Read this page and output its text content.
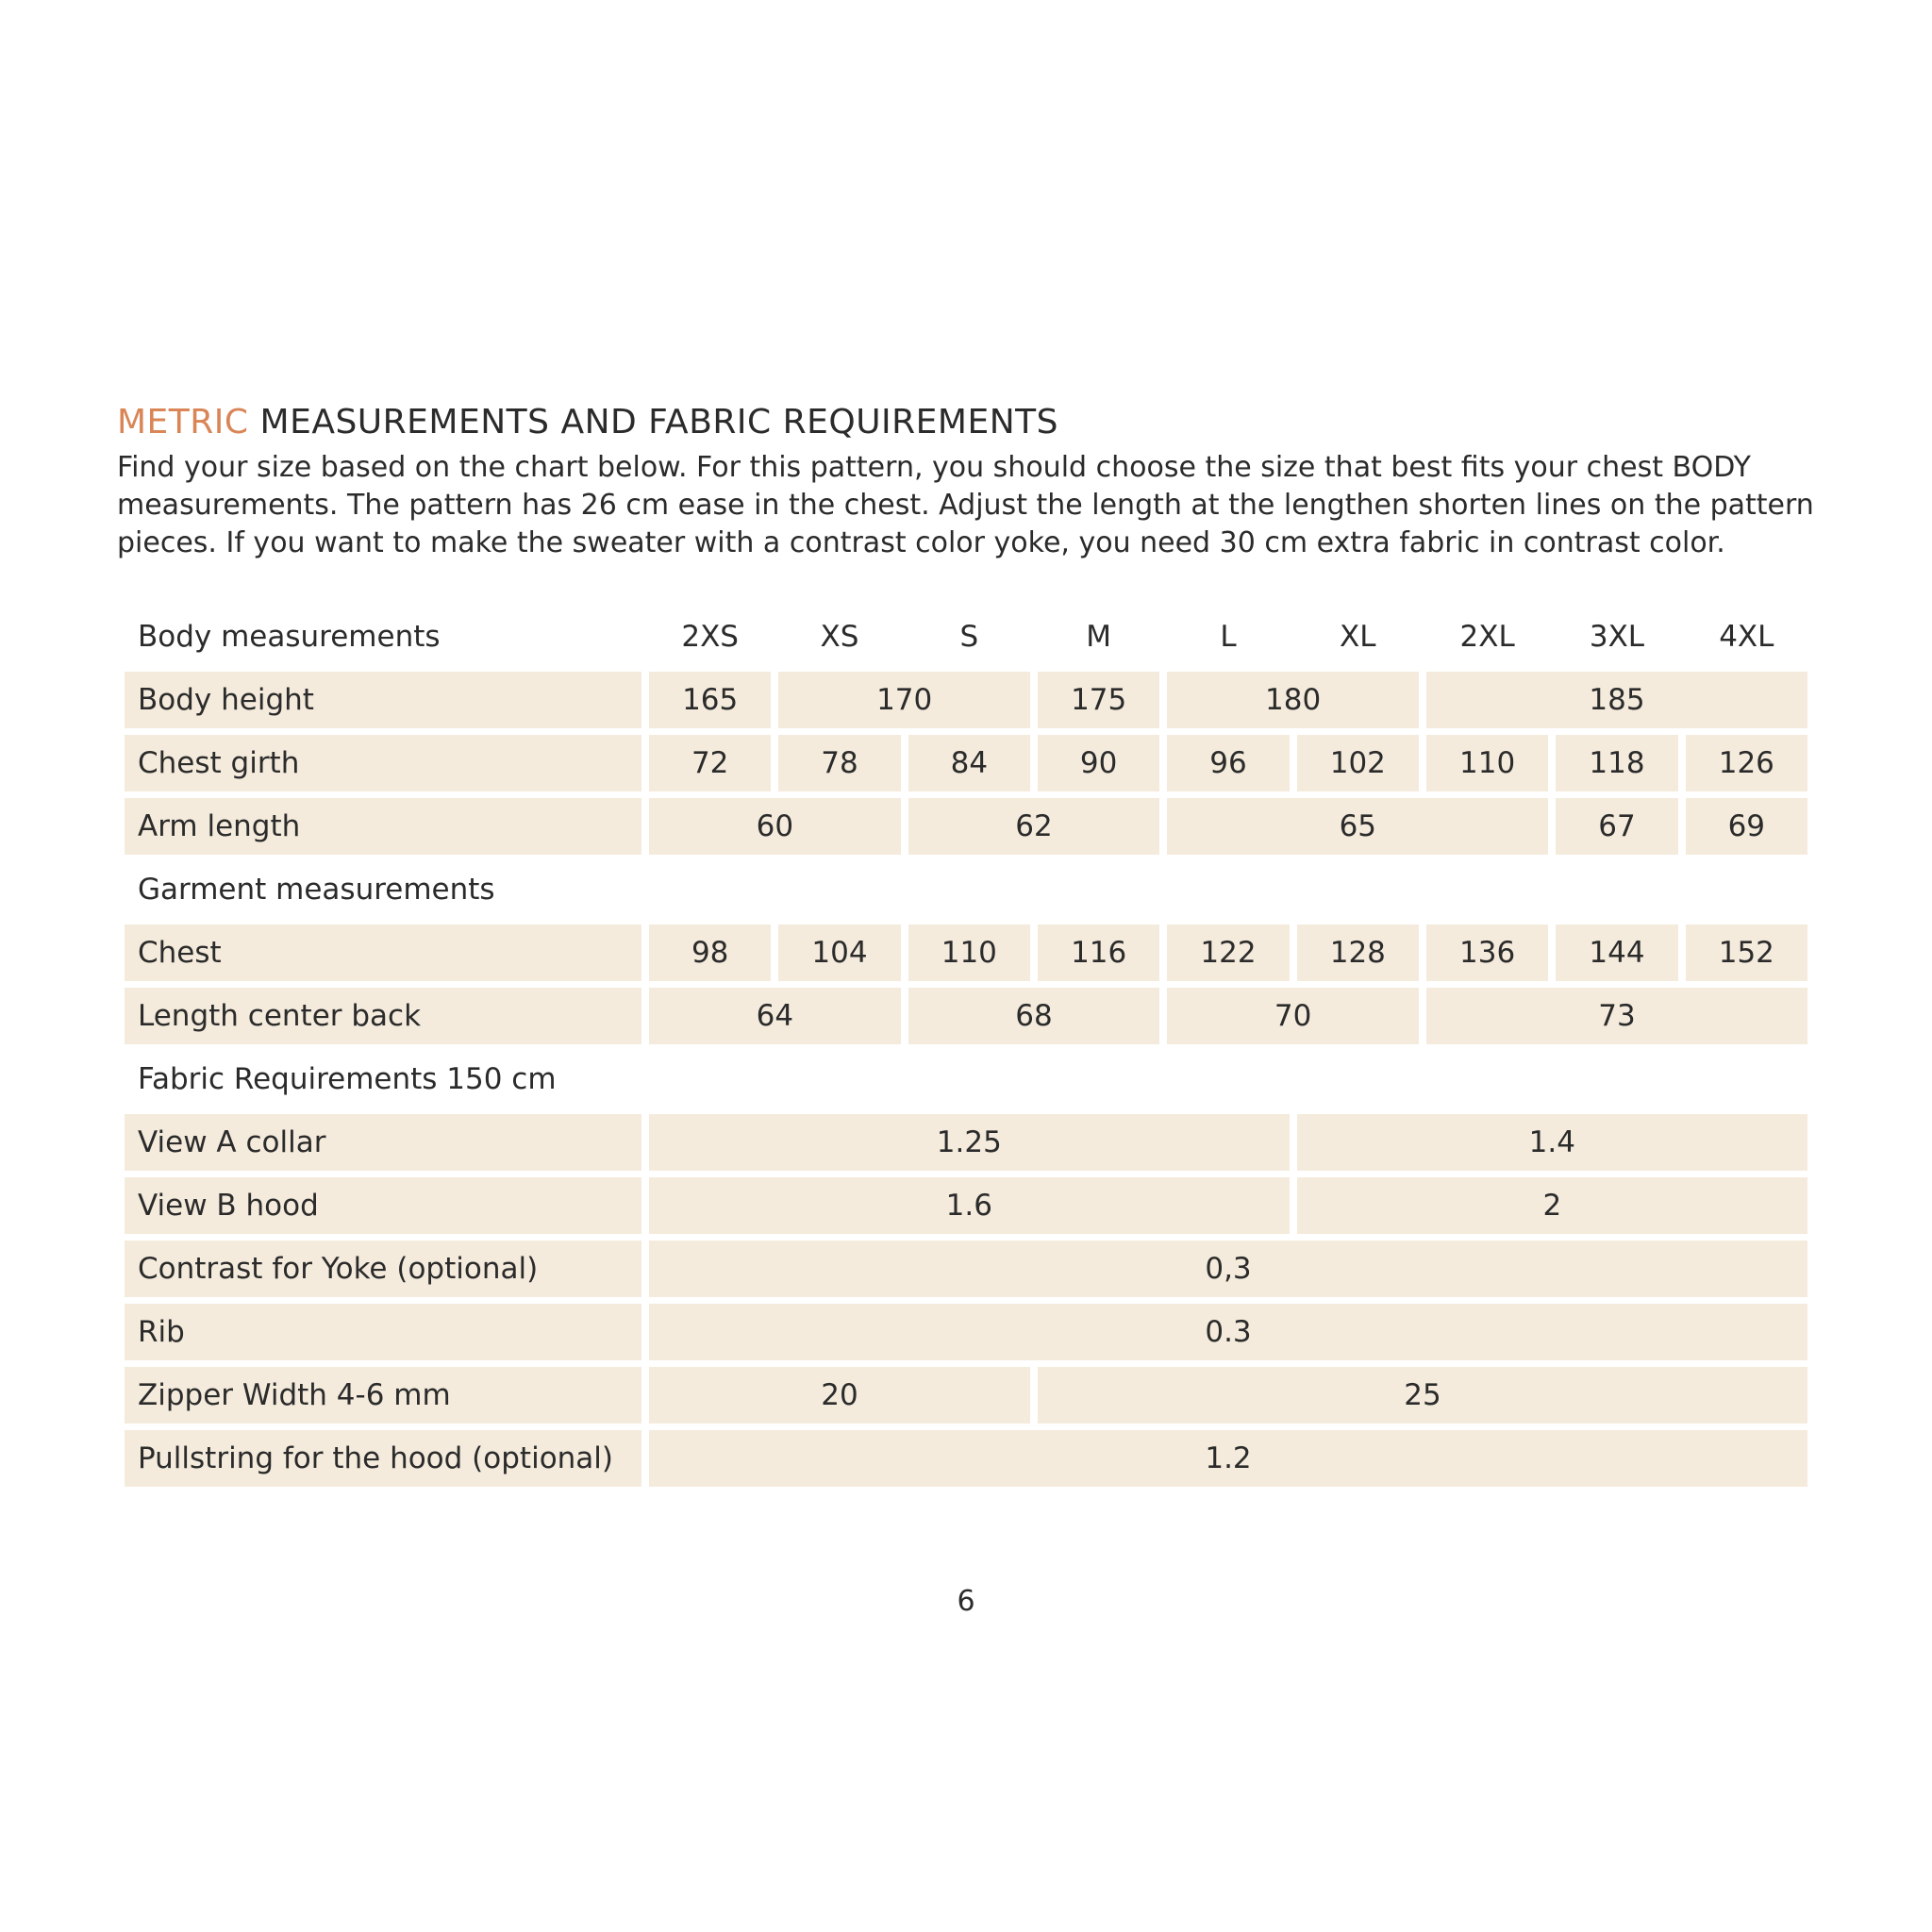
METRIC MEASUREMENTS AND FABRIC REQUIREMENTS

Find your size based on the chart below. For this pattern, you should choose the size that best fits your chest BODY
measurements. The pattern has 26 cm ease in the chest. Adjust the length at the lengthen shorten lines on the pattern
pieces. If you want to make the sweater with a contrast color yoke, you need 30 cm extra fabric in contrast color.

Body measurements	2XS	XS	S	M	L	XL	2XL	3XL	4XL
Body height	165	170		175	180		185		
Chest girth	72	78	84	90	96	102	110	118	126
Arm length	60		62		65			67	69
Garment measurements									
Chest	98	104	110	116	122	128	136	144	152
Length center back	64		68		70		73		
Fabric Requirements 150 cm									
View A collar	1.25					1.4			
View B hood	1.6					2			
Contrast for Yoke (optional)	0,3								
Rib	0.3								
Zipper Width 4-6 mm	20			25					
Pullstring for the hood (optional)	1.2								
6
